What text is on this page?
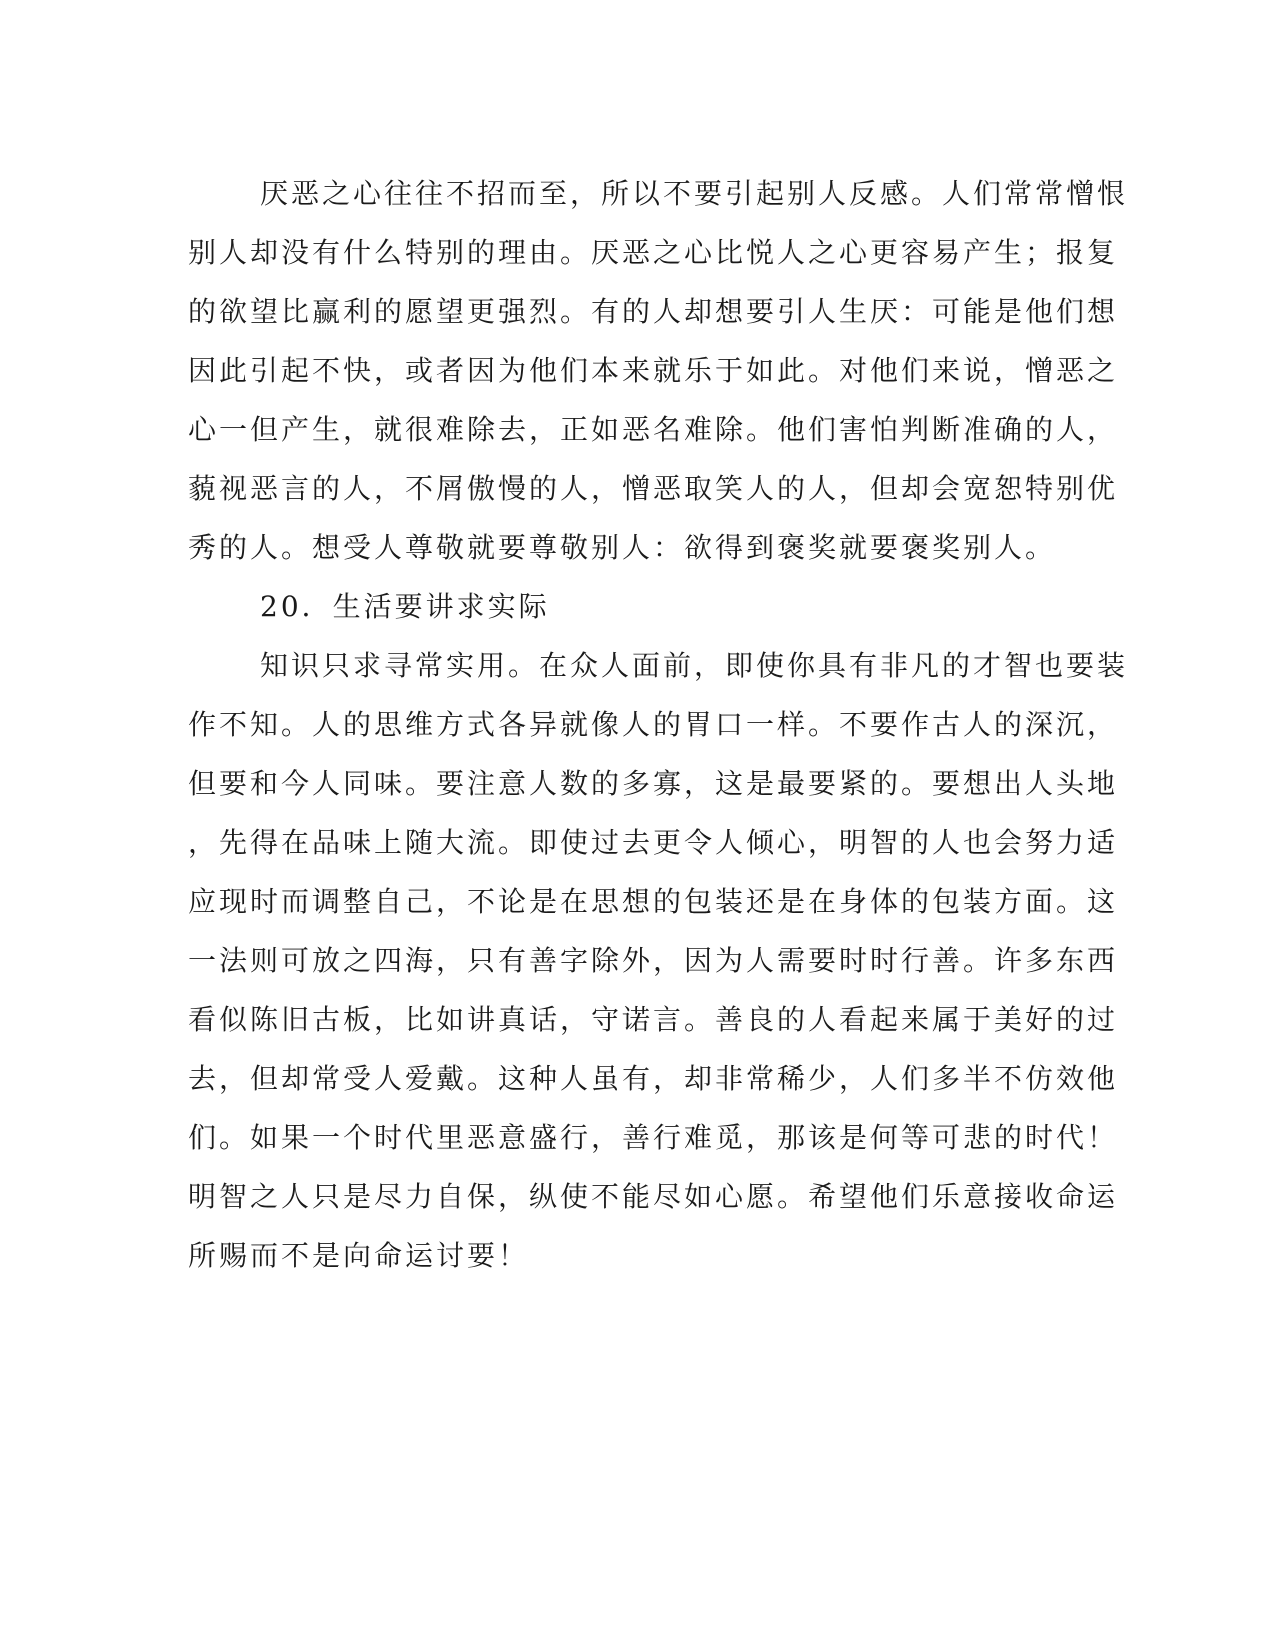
厌恶之心往往不招而至，所以不要引起别人反感。人们常常憎恨
别人却没有什么特别的理由。厌恶之心比悦人之心更容易产生；报复
的欲望比赢利的愿望更强烈。有的人却想要引人生厌：可能是他们想
因此引起不快，或者因为他们本来就乐于如此。对他们来说，憎恶之
心一但产生，就很难除去，正如恶名难除。他们害怕判断准确的人，
藐视恶言的人，不屑傲慢的人，憎恶取笑人的人，但却会宽恕特别优
秀的人。想受人尊敬就要尊敬别人：欲得到褒奖就要褒奖别人。
20．生活要讲求实际
知识只求寻常实用。在众人面前，即使你具有非凡的才智也要装
作不知。人的思维方式各异就像人的胃口一样。不要作古人的深沉，
但要和今人同味。要注意人数的多寡，这是最要紧的。要想出人头地
，先得在品味上随大流。即使过去更令人倾心，明智的人也会努力适
应现时而调整自己，不论是在思想的包装还是在身体的包装方面。这
一法则可放之四海，只有善字除外，因为人需要时时行善。许多东西
看似陈旧古板，比如讲真话，守诺言。善良的人看起来属于美好的过
去，但却常受人爱戴。这种人虽有，却非常稀少，人们多半不仿效他
们。如果一个时代里恶意盛行，善行难觅，那该是何等可悲的时代！
明智之人只是尽力自保，纵使不能尽如心愿。希望他们乐意接收命运
所赐而不是向命运讨要！
